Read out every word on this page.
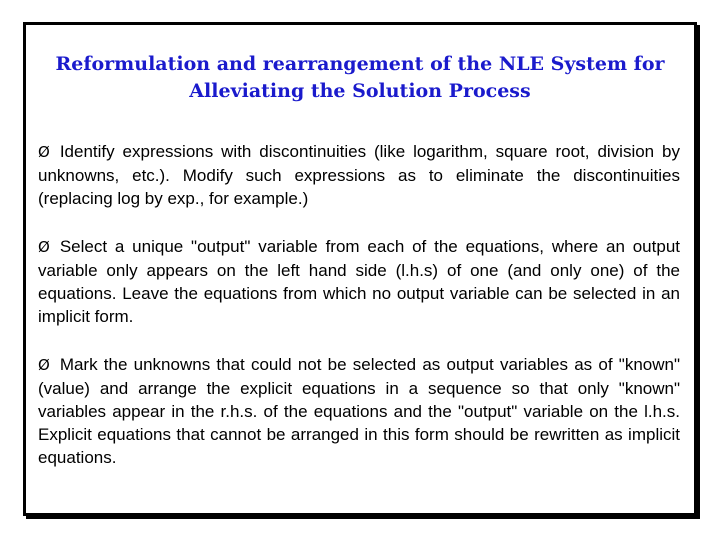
Reformulation and rearrangement of the NLE System for
Alleviating the Solution Process
Ø Identify expressions with discontinuities (like logarithm, square root, division by unknowns, etc.). Modify such expressions as to eliminate the discontinuities (replacing log by exp., for example.)
Ø Select a unique "output" variable from each of the equations, where an output variable only appears on the left hand side (l.h.s) of one (and only one) of the equations. Leave the equations from which no output variable can be selected in an implicit form.
Ø Mark the unknowns that could not be selected as output variables as of "known" (value) and arrange the explicit equations in a sequence so that only "known" variables appear in the r.h.s. of the equations and the "output" variable on the l.h.s. Explicit equations that cannot be arranged in this form should be rewritten as implicit equations.
